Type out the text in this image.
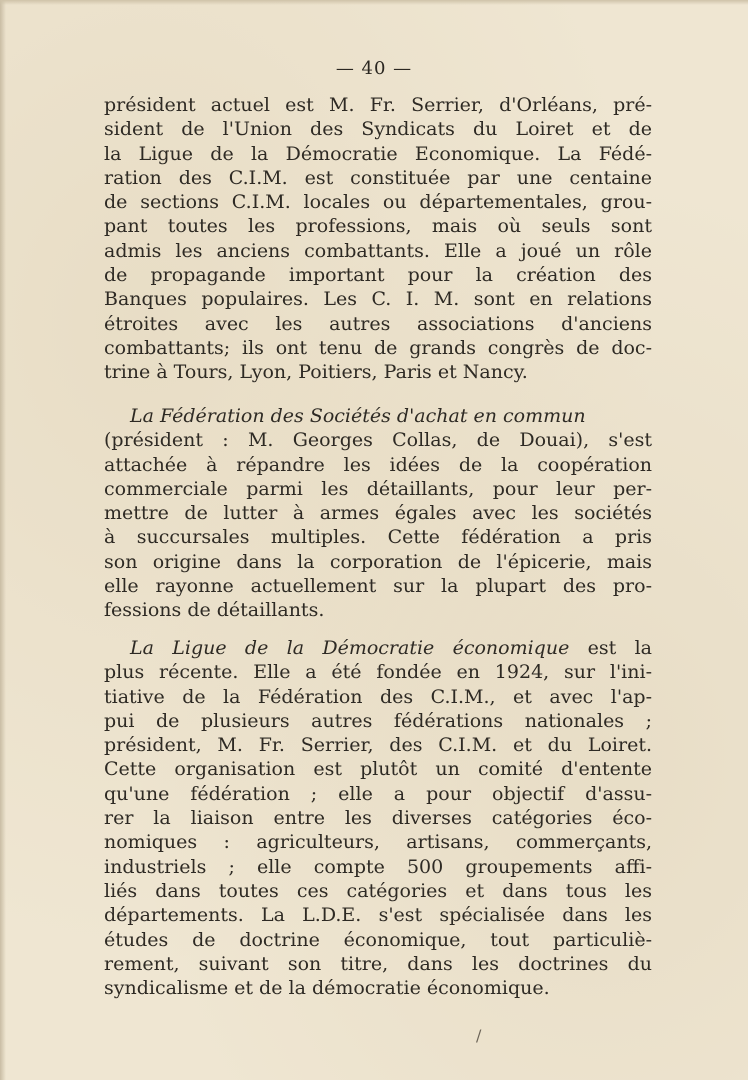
— 40 —
président actuel est M. Fr. Serrier, d'Orléans, pré-
sident de l'Union des Syndicats du Loiret et de
la Ligue de la Démocratie Economique. La Fédé-
ration des C.I.M. est constituée par une centaine
de sections C.I.M. locales ou départementales, grou-
pant toutes les professions, mais où seuls sont
admis les anciens combattants. Elle a joué un rôle
de propagande important pour la création des
Banques populaires. Les C. I. M. sont en relations
étroites avec les autres associations d'anciens
combattants; ils ont tenu de grands congrès de doc-
trine à Tours, Lyon, Poitiers, Paris et Nancy.
La Fédération des Sociétés d'achat en commun
(président : M. Georges Collas, de Douai), s'est
attachée à répandre les idées de la coopération
commerciale parmi les détaillants, pour leur per-
mettre de lutter à armes égales avec les sociétés
à succursales multiples. Cette fédération a pris
son origine dans la corporation de l'épicerie, mais
elle rayonne actuellement sur la plupart des pro-
fessions de détaillants.
La Ligue de la Démocratie économique est la
plus récente. Elle a été fondée en 1924, sur l'ini-
tiative de la Fédération des C.I.M., et avec l'ap-
pui de plusieurs autres fédérations nationales ;
président, M. Fr. Serrier, des C.I.M. et du Loiret.
Cette organisation est plutôt un comité d'entente
qu'une fédération ; elle a pour objectif d'assu-
rer la liaison entre les diverses catégories éco-
nomiques : agriculteurs, artisans, commerçants,
industriels ; elle compte 500 groupements affi-
liés dans toutes ces catégories et dans tous les
départements. La L.D.E. s'est spécialisée dans les
études de doctrine économique, tout particuliè-
rement, suivant son titre, dans les doctrines du
syndicalisme et de la démocratie économique.
/
